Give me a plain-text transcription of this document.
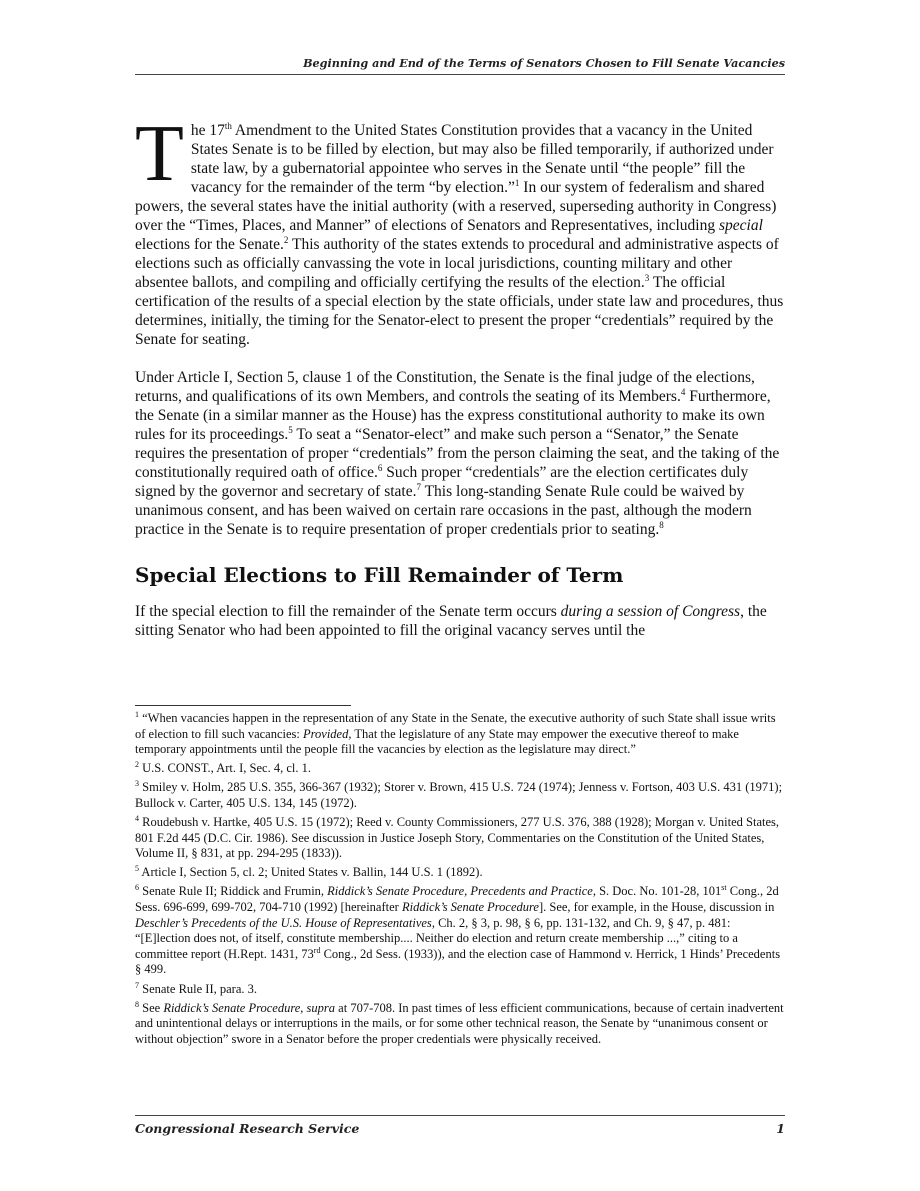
Beginning and End of the Terms of Senators Chosen to Fill Senate Vacancies

The 17th Amendment to the United States Constitution provides that a vacancy in the United States Senate is to be filled by election, but may also be filled temporarily, if authorized under state law, by a gubernatorial appointee who serves in the Senate until “the people” fill the vacancy for the remainder of the term “by election.”$^1$ In our system of federalism and shared powers, the several states have the initial authority (with a reserved, superseding authority in Congress) over the “Times, Places, and Manner” of elections of Senators and Representatives, including special elections for the Senate.$^2$ This authority of the states extends to procedural and administrative aspects of elections such as officially canvassing the vote in local jurisdictions, counting military and other absentee ballots, and compiling and officially certifying the results of the election.$^3$ The official certification of the results of a special election by the state officials, under state law and procedures, thus determines, initially, the timing for the Senator-elect to present the proper “credentials” required by the Senate for seating.

Under Article I, Section 5, clause 1 of the Constitution, the Senate is the final judge of the elections, returns, and qualifications of its own Members, and controls the seating of its Members.$^4$ Furthermore, the Senate (in a similar manner as the House) has the express constitutional authority to make its own rules for its proceedings.$^5$ To seat a “Senator-elect” and make such person a “Senator,” the Senate requires the presentation of proper “credentials” from the person claiming the seat, and the taking of the constitutionally required oath of office.$^6$ Such proper “credentials” are the election certificates duly signed by the governor and secretary of state.$^7$ This long-standing Senate Rule could be waived by unanimous consent, and has been waived on certain rare occasions in the past, although the modern practice in the Senate is to require presentation of proper credentials prior to seating.$^8$

Special Elections to Fill Remainder of Term

If the special election to fill the remainder of the Senate term occurs during a session of Congress, the sitting Senator who had been appointed to fill the original vacancy serves until the

$^1$ “When vacancies happen in the representation of any State in the Senate, the executive authority of such State shall issue writs of election to fill such vacancies: Provided, That the legislature of any State may empower the executive thereof to make temporary appointments until the people fill the vacancies by election as the legislature may direct.”
$^2$ U.S. CONST., Art. I, Sec. 4, cl. 1.
$^3$ Smiley v. Holm, 285 U.S. 355, 366-367 (1932); Storer v. Brown, 415 U.S. 724 (1974); Jenness v. Fortson, 403 U.S. 431 (1971); Bullock v. Carter, 405 U.S. 134, 145 (1972).
$^4$ Roudebush v. Hartke, 405 U.S. 15 (1972); Reed v. County Commissioners, 277 U.S. 376, 388 (1928); Morgan v. United States, 801 F.2d 445 (D.C. Cir. 1986). See discussion in Justice Joseph Story, Commentaries on the Constitution of the United States, Volume II, § 831, at pp. 294-295 (1833)).
$^5$ Article I, Section 5, cl. 2; United States v. Ballin, 144 U.S. 1 (1892).
$^6$ Senate Rule II; Riddick and Frumin, Riddick’s Senate Procedure, Precedents and Practice, S. Doc. No. 101-28, 101st Cong., 2d Sess. 696-699, 699-702, 704-710 (1992) [hereinafter Riddick’s Senate Procedure]. See, for example, in the House, discussion in Deschler’s Precedents of the U.S. House of Representatives, Ch. 2, § 3, p. 98, § 6, pp. 131-132, and Ch. 9, § 47, p. 481: “[E]lection does not, of itself, constitute membership.... Neither do election and return create membership ...,” citing to a committee report (H.Rept. 1431, 73rd Cong., 2d Sess. (1933)), and the election case of Hammond v. Herrick, 1 Hinds’ Precedents § 499.
$^7$ Senate Rule II, para. 3.
$^8$ See Riddick’s Senate Procedure, supra at 707-708. In past times of less efficient communications, because of certain inadvertent and unintentional delays or interruptions in the mails, or for some other technical reason, the Senate by “unanimous consent or without objection” swore in a Senator before the proper credentials were physically received.
Congressional Research Service	1
